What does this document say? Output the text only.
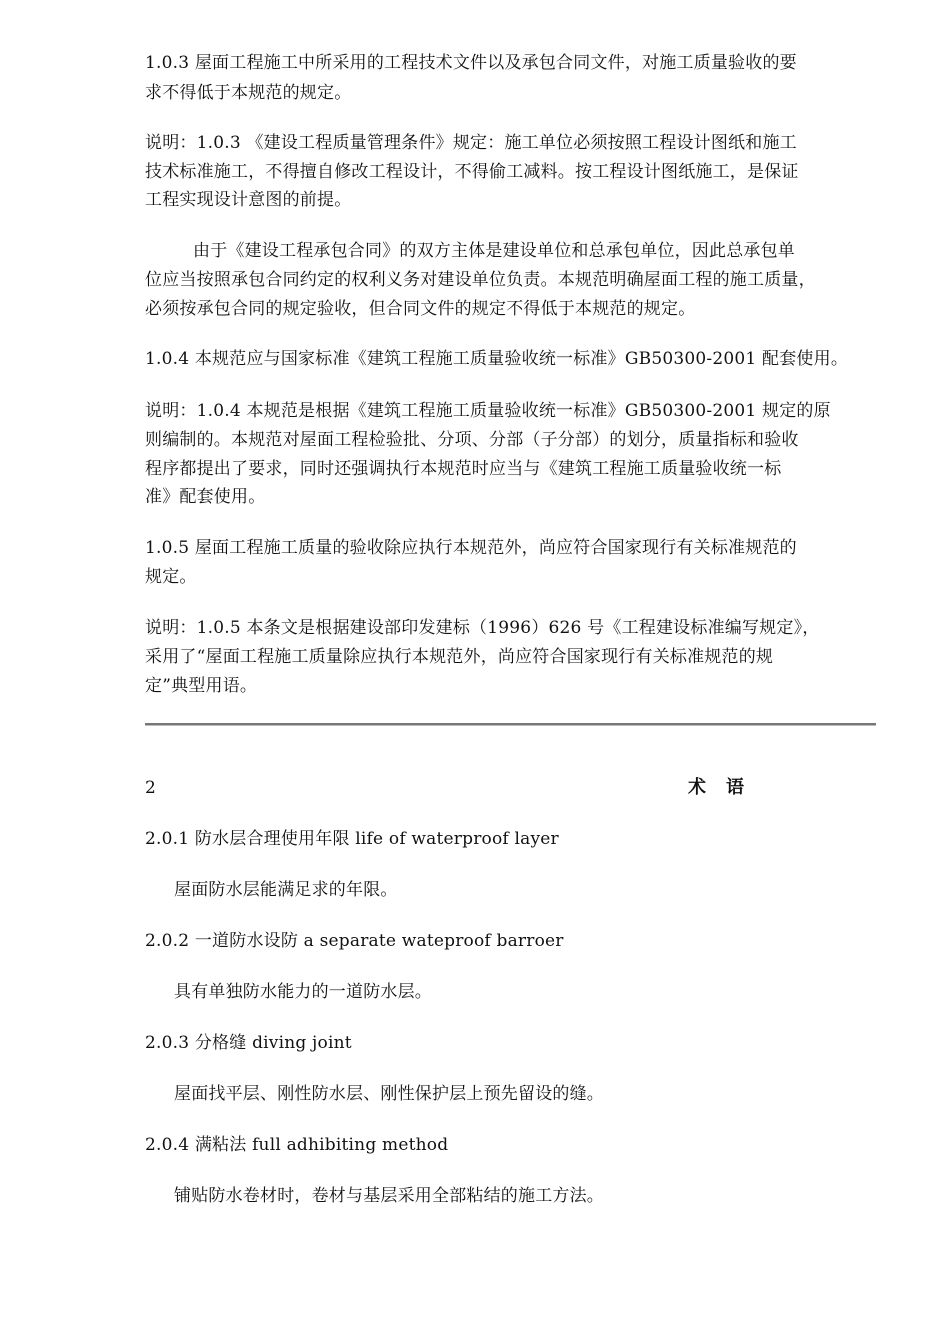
1.0.3 屋面工程施工中所采用的工程技术文件以及承包合同文件，对施工质量验收的要
求不得低于本规范的规定。
说明：1.0.3 《建设工程质量管理条件》规定：施工单位必须按照工程设计图纸和施工
技术标准施工，不得擅自修改工程设计，不得偷工减料。按工程设计图纸施工，是保证
工程实现设计意图的前提。
由于《建设工程承包合同》的双方主体是建设单位和总承包单位，因此总承包单
位应当按照承包合同约定的权利义务对建设单位负责。本规范明确屋面工程的施工质量，
必须按承包合同的规定验收，但合同文件的规定不得低于本规范的规定。
1.0.4 本规范应与国家标准《建筑工程施工质量验收统一标准》GB50300-2001 配套使用。
说明：1.0.4 本规范是根据《建筑工程施工质量验收统一标准》GB50300-2001 规定的原
则编制的。本规范对屋面工程检验批、分项、分部（子分部）的划分，质量指标和验收
程序都提出了要求，同时还强调执行本规范时应当与《建筑工程施工质量验收统一标
准》配套使用。
1.0.5 屋面工程施工质量的验收除应执行本规范外，尚应符合国家现行有关标准规范的
规定。
说明：1.0.5 本条文是根据建设部印发建标（1996）626 号《工程建设标准编写规定》，
采用了“屋面工程施工质量除应执行本规范外，尚应符合国家现行有关标准规范的规
定”典型用语。
2	术语
2.0.1 防水层合理使用年限 life of waterproof layer
屋面防水层能满足求的年限。
2.0.2 一道防水设防 a separate wateproof barroer
具有单独防水能力的一道防水层。
2.0.3 分格缝 diving joint
屋面找平层、刚性防水层、刚性保护层上预先留设的缝。
2.0.4 满粘法 full adhibiting method
铺贴防水卷材时，卷材与基层采用全部粘结的施工方法。
